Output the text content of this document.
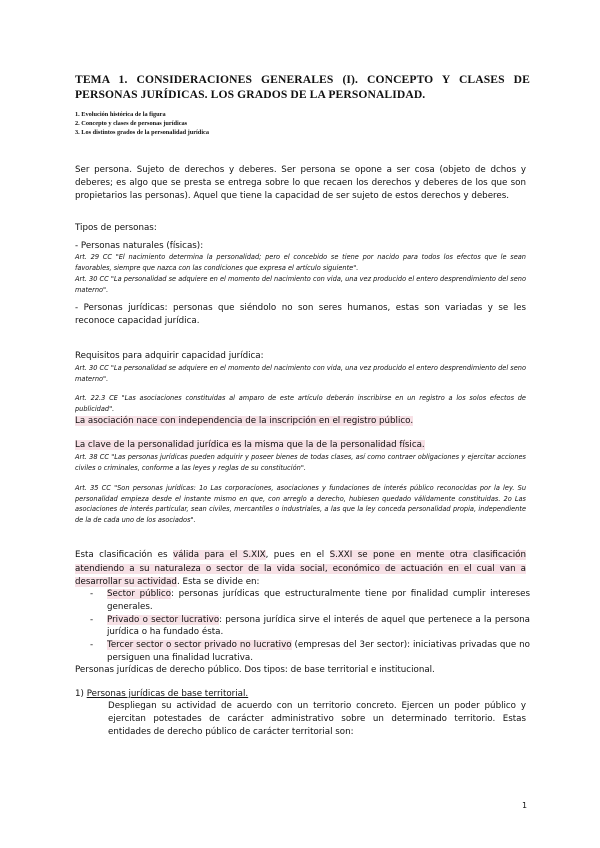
TEMA 1. CONSIDERACIONES GENERALES (I). CONCEPTO Y CLASES DE PERSONAS JURÍDICAS. LOS GRADOS DE LA PERSONALIDAD.
1. Evolución histórica de la figura
2. Concepto y clases de personas jurídicas
3. Los distintos grados de la personalidad jurídica
Ser persona. Sujeto de derechos y deberes. Ser persona se opone a ser cosa (objeto de dchos y deberes; es algo que se presta se entrega sobre lo que recaen los derechos y deberes de los que son propietarios las personas). Aquel que tiene la capacidad de ser sujeto de estos derechos y deberes.
Tipos de personas:
- Personas naturales (físicas):
Art. 29 CC "El nacimiento determina la personalidad; pero el concebido se tiene por nacido para todos los efectos que le sean favorables, siempre que nazca con las condiciones que expresa el artículo siguiente".
Art. 30 CC "La personalidad se adquiere en el momento del nacimiento con vida, una vez producido el entero desprendimiento del seno materno".
- Personas jurídicas: personas que siéndolo no son seres humanos, estas son variadas y se les reconoce capacidad jurídica.
Requisitos para adquirir capacidad jurídica:
Art. 30 CC "La personalidad se adquiere en el momento del nacimiento con vida, una vez producido el entero desprendimiento del seno materno".
Art. 22.3 CE "Las asociaciones constituidas al amparo de este artículo deberán inscribirse en un registro a los solos efectos de publicidad".
La asociación nace con independencia de la inscripción en el registro público.
La clave de la personalidad jurídica es la misma que la de la personalidad física.
Art. 38 CC "Las personas jurídicas pueden adquirir y poseer bienes de todas clases, así como contraer obligaciones y ejercitar acciones civiles o criminales, conforme a las leyes y reglas de su constitución".
Art. 35 CC "Son personas jurídicas: 1o Las corporaciones, asociaciones y fundaciones de interés público reconocidas por la ley. Su personalidad empieza desde el instante mismo en que, con arreglo a derecho, hubiesen quedado válidamente constituidas. 2o Las asociaciones de interés particular, sean civiles, mercantiles o industriales, a las que la ley conceda personalidad propia, independiente de la de cada uno de los asociados".
Esta clasificación es válida para el S.XIX, pues en el S.XXI se pone en mente otra clasificación atendiendo a su naturaleza o sector de la vida social, económico de actuación en el cual van a desarrollar su actividad. Esta se divide en:
-	Sector público: personas jurídicas que estructuralmente tiene por finalidad cumplir intereses generales.
-	Privado o sector lucrativo: persona jurídica sirve el interés de aquel que pertenece a la persona jurídica o ha fundado ésta.
-	Tercer sector o sector privado no lucrativo (empresas del 3er sector): iniciativas privadas que no persiguen una finalidad lucrativa.
Personas jurídicas de derecho público. Dos tipos: de base territorial e institucional.
1) Personas jurídicas de base territorial.
Despliegan su actividad de acuerdo con un territorio concreto. Ejercen un poder público y ejercitan potestades de carácter administrativo sobre un determinado territorio. Estas entidades de derecho público de carácter territorial son:
1
